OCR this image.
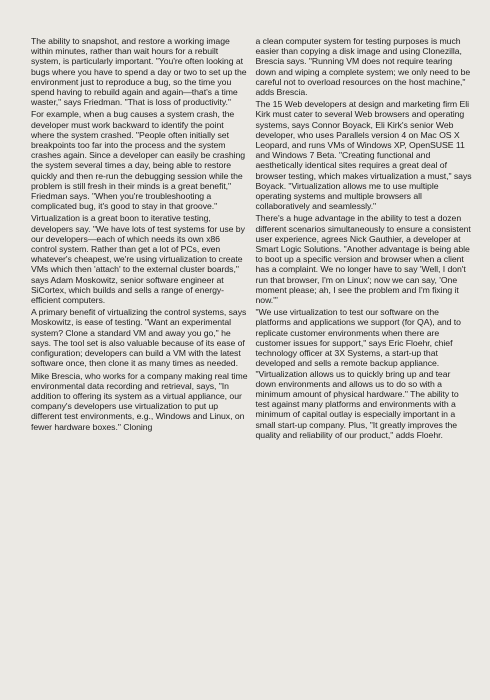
The ability to snapshot, and restore a working image within minutes, rather than wait hours for a rebuilt system, is particularly important. "You're often looking at bugs where you have to spend a day or two to set up the environment just to reproduce a bug, so the time you spend having to rebuild again and again—that's a time waster," says Friedman. "That is loss of productivity."

For example, when a bug causes a system crash, the developer must work backward to identify the point where the system crashed. "People often initially set breakpoints too far into the process and the system crashes again. Since a developer can easily be crashing the system several times a day, being able to restore quickly and then re-run the debugging session while the problem is still fresh in their minds is a great benefit," Friedman says. "When you're troubleshooting a complicated bug, it's good to stay in that groove."

Virtualization is a great boon to iterative testing, developers say. "We have lots of test systems for use by our developers—each of which needs its own x86 control system. Rather than get a lot of PCs, even whatever's cheapest, we're using virtualization to create VMs which then 'attach' to the external cluster boards," says Adam Moskowitz, senior software engineer at SiCortex, which builds and sells a range of energy-efficient computers.

A primary benefit of virtualizing the control systems, says Moskowitz, is ease of testing. "Want an experimental system? Clone a standard VM and away you go," he says. The tool set is also valuable because of its ease of configuration; developers can build a VM with the latest software once, then clone it as many times as needed.

Mike Brescia, who works for a company making real time environmental data recording and retrieval, says, "In addition to offering its system as a virtual appliance, our company's developers use virtualization to put up different test environments, e.g., Windows and Linux, on fewer hardware boxes." Cloning

a clean computer system for testing purposes is much easier than copying a disk image and using Clonezilla, Brescia says. "Running VM does not require tearing down and wiping a complete system; we only need to be careful not to overload resources on the host machine," adds Brescia.

The 15 Web developers at design and marketing firm Eli Kirk must cater to several Web browsers and operating systems, says Connor Boyack, Eli Kirk's senior Web developer, who uses Parallels version 4 on Mac OS X Leopard, and runs VMs of Windows XP, OpenSUSE 11 and Windows 7 Beta. "Creating functional and aesthetically identical sites requires a great deal of browser testing, which makes virtualization a must," says Boyack. "Virtualization allows me to use multiple operating systems and multiple browsers all collaboratively and seamlessly."

There's a huge advantage in the ability to test a dozen different scenarios simultaneously to ensure a consistent user experience, agrees Nick Gauthier, a developer at Smart Logic Solutions. "Another advantage is being able to boot up a specific version and browser when a client has a complaint. We no longer have to say 'Well, I don't run that browser, I'm on Linux'; now we can say, 'One moment please; ah, I see the problem and I'm fixing it now.'"

"We use virtualization to test our software on the platforms and applications we support (for QA), and to replicate customer environments when there are customer issues for support," says Eric Floehr, chief technology officer at 3X Systems, a start-up that developed and sells a remote backup appliance. "Virtualization allows us to quickly bring up and tear down environments and allows us to do so with a minimum amount of physical hardware." The ability to test against many platforms and environments with a minimum of capital outlay is especially important in a small start-up company. Plus, "It greatly improves the quality and reliability of our product," adds Floehr.
